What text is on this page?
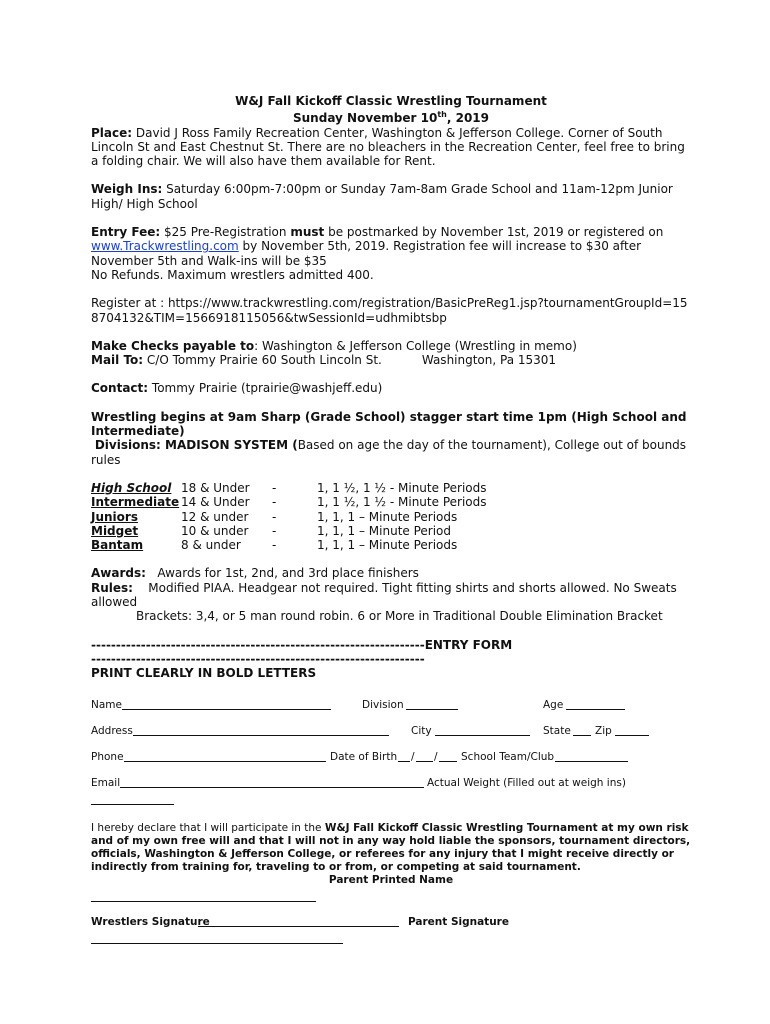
W&J Fall Kickoff Classic Wrestling Tournament

Sunday November 10th, 2019

Place: David J Ross Family Recreation Center, Washington & Jefferson College. Corner of South Lincoln St and East Chestnut St. There are no bleachers in the Recreation Center, feel free to bring a folding chair. We will also have them available for Rent.

Weigh Ins: Saturday 6:00pm-7:00pm or Sunday 7am-8am Grade School and 11am-12pm Junior High/ High School

Entry Fee: $25 Pre-Registration must be postmarked by November 1st, 2019 or registered on www.Trackwrestling.com by November 5th, 2019. Registration fee will increase to $30 after November 5th and Walk-ins will be $35

No Refunds. Maximum wrestlers admitted 400.

Register at : https://www.trackwrestling.com/registration/BasicPreReg1.jsp?tournamentGroupId=158704132&TIM=1566918115056&twSessionId=udhmibtsbp

Make Checks payable to: Washington & Jefferson College (Wrestling in memo)

Mail To: C/O Tommy Prairie 60 South Lincoln St.	Washington, Pa 15301

Contact: Tommy Prairie (tprairie@washjeff.edu)

Wrestling begins at 9am Sharp (Grade School) stagger start time 1pm (High School and Intermediate)

Divisions: MADISON SYSTEM (Based on age the day of the tournament), College out of bounds rules

High School 18 & Under	-	1, 1 ½, 1 ½ - Minute Periods
Intermediate 14 & Under	-	1, 1 ½, 1 ½ - Minute Periods
Juniors	12 & under	-	1, 1, 1 – Minute Periods
Midget	10 & under	-	1, 1, 1 – Minute Period
Bantam	8 & under	-	1, 1, 1 – Minute Periods

Awards: Awards for 1st, 2nd, and 3rd place finishers

Rules: Modified PIAA. Headgear not required. Tight fitting shirts and shorts allowed. No Sweats allowed

Brackets: 3,4, or 5 man round robin. 6 or More in Traditional Double Elimination Bracket

-------------------------------------------------------------------ENTRY FORM

-------------------------------------------------------------------

PRINT CLEARLY IN BOLD LETTERS

Name	Division	Age
Address	City	State Zip
Phone	Date of Birth / / School Team/Club
Email	Actual Weight (Filled out at weigh ins)

I hereby declare that I will participate in the W&J Fall Kickoff Classic Wrestling Tournament at my own risk and of my own free will and that I will not in any way hold liable the sponsors, tournament directors, officials, Washington & Jefferson College, or referees for any injury that I might receive directly or indirectly from training for, traveling to or from, or competing at said tournament.

Parent Printed Name

Wrestlers Signature	Parent Signature
